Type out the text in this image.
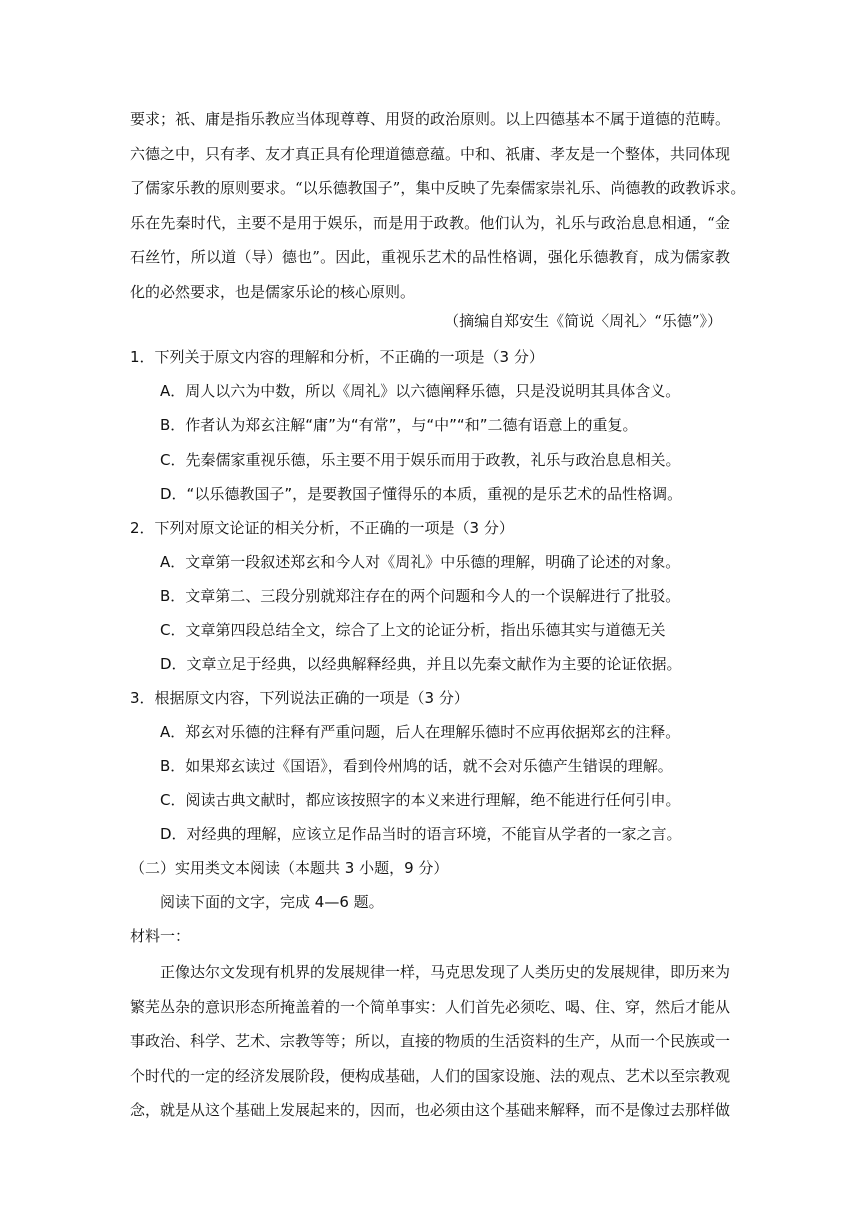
要求；祇、庸是指乐教应当体现尊尊、用贤的政治原则。以上四德基本不属于道德的范畴。
六德之中，只有孝、友才真正具有伦理道德意蕴。中和、祇庸、孝友是一个整体，共同体现
了儒家乐教的原则要求。“以乐德教国子”，集中反映了先秦儒家崇礼乐、尚德教的政教诉求。
乐在先秦时代，主要不是用于娱乐，而是用于政教。他们认为，礼乐与政治息息相通，“金
石丝竹，所以道（导）德也”。因此，重视乐艺术的品性格调，强化乐德教育，成为儒家教
化的必然要求，也是儒家乐论的核心原则。
（摘编自郑安生《简说〈周礼〉“乐德”》）
1．下列关于原文内容的理解和分析，不正确的一项是（3 分）
A．周人以六为中数，所以《周礼》以六德阐释乐德，只是没说明其具体含义。
B．作者认为郑玄注解“庸”为“有常”，与“中”“和”二德有语意上的重复。
C．先秦儒家重视乐德，乐主要不用于娱乐而用于政教，礼乐与政治息息相关。
D．“以乐德教国子”，是要教国子懂得乐的本质，重视的是乐艺术的品性格调。
2．下列对原文论证的相关分析，不正确的一项是（3 分）
A．文章第一段叙述郑玄和今人对《周礼》中乐德的理解，明确了论述的对象。
B．文章第二、三段分别就郑注存在的两个问题和今人的一个误解进行了批驳。
C．文章第四段总结全文，综合了上文的论证分析，指出乐德其实与道德无关
D．文章立足于经典，以经典解释经典，并且以先秦文献作为主要的论证依据。
3．根据原文内容，下列说法正确的一项是（3 分）
A．郑玄对乐德的注释有严重问题，后人在理解乐德时不应再依据郑玄的注释。
B．如果郑玄读过《国语》，看到伶州鸠的话，就不会对乐德产生错误的理解。
C．阅读古典文献时，都应该按照字的本义来进行理解，绝不能进行任何引申。
D．对经典的理解，应该立足作品当时的语言环境，不能盲从学者的一家之言。
（二）实用类文本阅读（本题共 3 小题，9 分）
阅读下面的文字，完成 4—6 题。
材料一：
　　正像达尔文发现有机界的发展规律一样，马克思发现了人类历史的发展规律，即历来为
繁芜丛杂的意识形态所掩盖着的一个简单事实：人们首先必须吃、喝、住、穿，然后才能从
事政治、科学、艺术、宗教等等；所以，直接的物质的生活资料的生产，从而一个民族或一
个时代的一定的经济发展阶段，便构成基础，人们的国家设施、法的观点、艺术以至宗教观
念，就是从这个基础上发展起来的，因而，也必须由这个基础来解释，而不是像过去那样做
